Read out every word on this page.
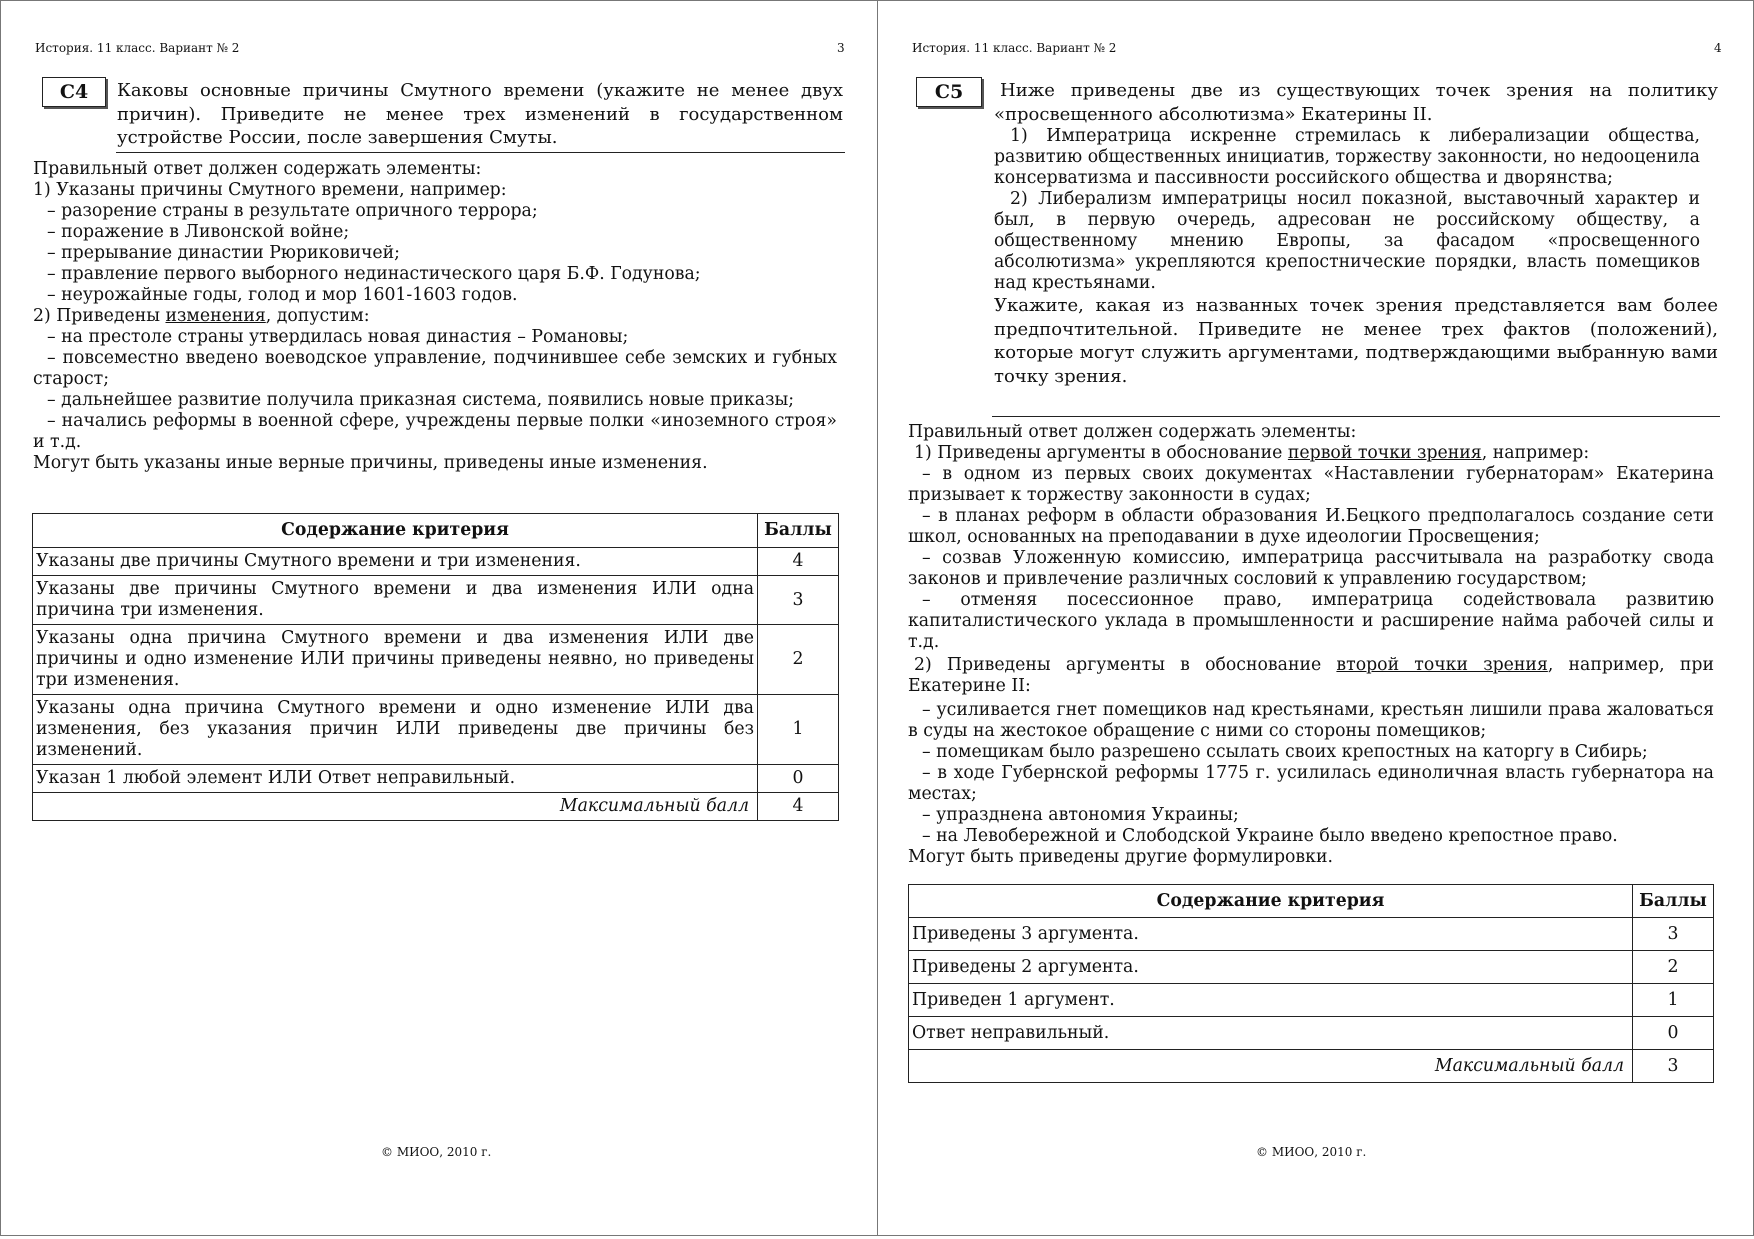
История. 11 класс. Вариант № 2	3
С4	Каковы основные причины Смутного времени (укажите не менее двух причин). Приведите не менее трех изменений в государственном устройстве России, после завершения Смуты.

Правильный ответ должен содержать элементы:

1) Указаны причины Смутного времени, например:

– разорение страны в результате опричного террора;

– поражение в Ливонской войне;

– прерывание династии Рюриковичей;

– правление первого выборного нединастического царя Б.Ф. Годунова;

– неурожайные годы, голод и мор 1601-1603 годов.

2) Приведены изменения, допустим:

– на престоле страны утвердилась новая династия – Романовы;

– повсеместно введено воеводское управление, подчинившее себе земских и губных старост;

– дальнейшее развитие получила приказная система, появились новые приказы;

– начались реформы в военной сфере, учреждены первые полки «иноземного строя» и т.д.

Могут быть указаны иные верные причины, приведены иные изменения.

Содержание критерия	Баллы
Указаны две причины Смутного времени и три изменения.	4
Указаны две причины Смутного времени и два изменения ИЛИ одна причина три изменения.	3
Указаны одна причина Смутного времени и два изменения ИЛИ две причины и одно изменение ИЛИ причины приведены неявно, но приведены три изменения.	2
Указаны одна причина Смутного времени и одно изменение ИЛИ два изменения, без указания причин ИЛИ приведены две причины без изменений.	1
Указан 1 любой элемент ИЛИ Ответ неправильный.	0
Максимальный балл	4
© МИОО, 2010 г.
История. 11 класс. Вариант № 2	4
С5	Ниже приведены две из существующих точек зрения на политику «просвещенного абсолютизма» Екатерины II.

1) Императрица искренне стремилась к либерализации общества, развитию общественных инициатив, торжеству законности, но недооценила консерватизма и пассивности российского общества и дворянства;

2) Либерализм императрицы носил показной, выставочный характер и был, в первую очередь, адресован не российскому обществу, а общественному мнению Европы, за фасадом «просвещенного абсолютизма» укрепляются крепостнические порядки, власть помещиков над крестьянами.

Укажите, какая из названных точек зрения представляется вам более предпочтительной. Приведите не менее трех фактов (положений), которые могут служить аргументами, подтверждающими выбранную вами точку зрения.

Правильный ответ должен содержать элементы:

1) Приведены аргументы в обоснование первой точки зрения, например:

– в одном из первых своих документах «Наставлении губернаторам» Екатерина призывает к торжеству законности в судах;

– в планах реформ в области образования И.Бецкого предполагалось создание сети школ, основанных на преподавании в духе идеологии Просвещения;

– созвав Уложенную комиссию, императрица рассчитывала на разработку свода законов и привлечение различных сословий к управлению государством;

– отменяя посессионное право, императрица содействовала развитию капиталистического уклада в промышленности и расширение найма рабочей силы и т.д.

2) Приведены аргументы в обоснование второй точки зрения, например, при Екатерине II:

– усиливается гнет помещиков над крестьянами, крестьян лишили права жаловаться в суды на жестокое обращение с ними со стороны помещиков;

– помещикам было разрешено ссылать своих крепостных на каторгу в Сибирь;

– в ходе Губернской реформы 1775 г. усилилась единоличная власть губернатора на местах;

– упразднена автономия Украины;

– на Левобережной и Слободской Украине было введено крепостное право.

Могут быть приведены другие формулировки.

Содержание критерия	Баллы
Приведены 3 аргумента.	3
Приведены 2 аргумента.	2
Приведен 1 аргумент.	1
Ответ неправильный.	0
Максимальный балл	3
© МИОО, 2010 г.
